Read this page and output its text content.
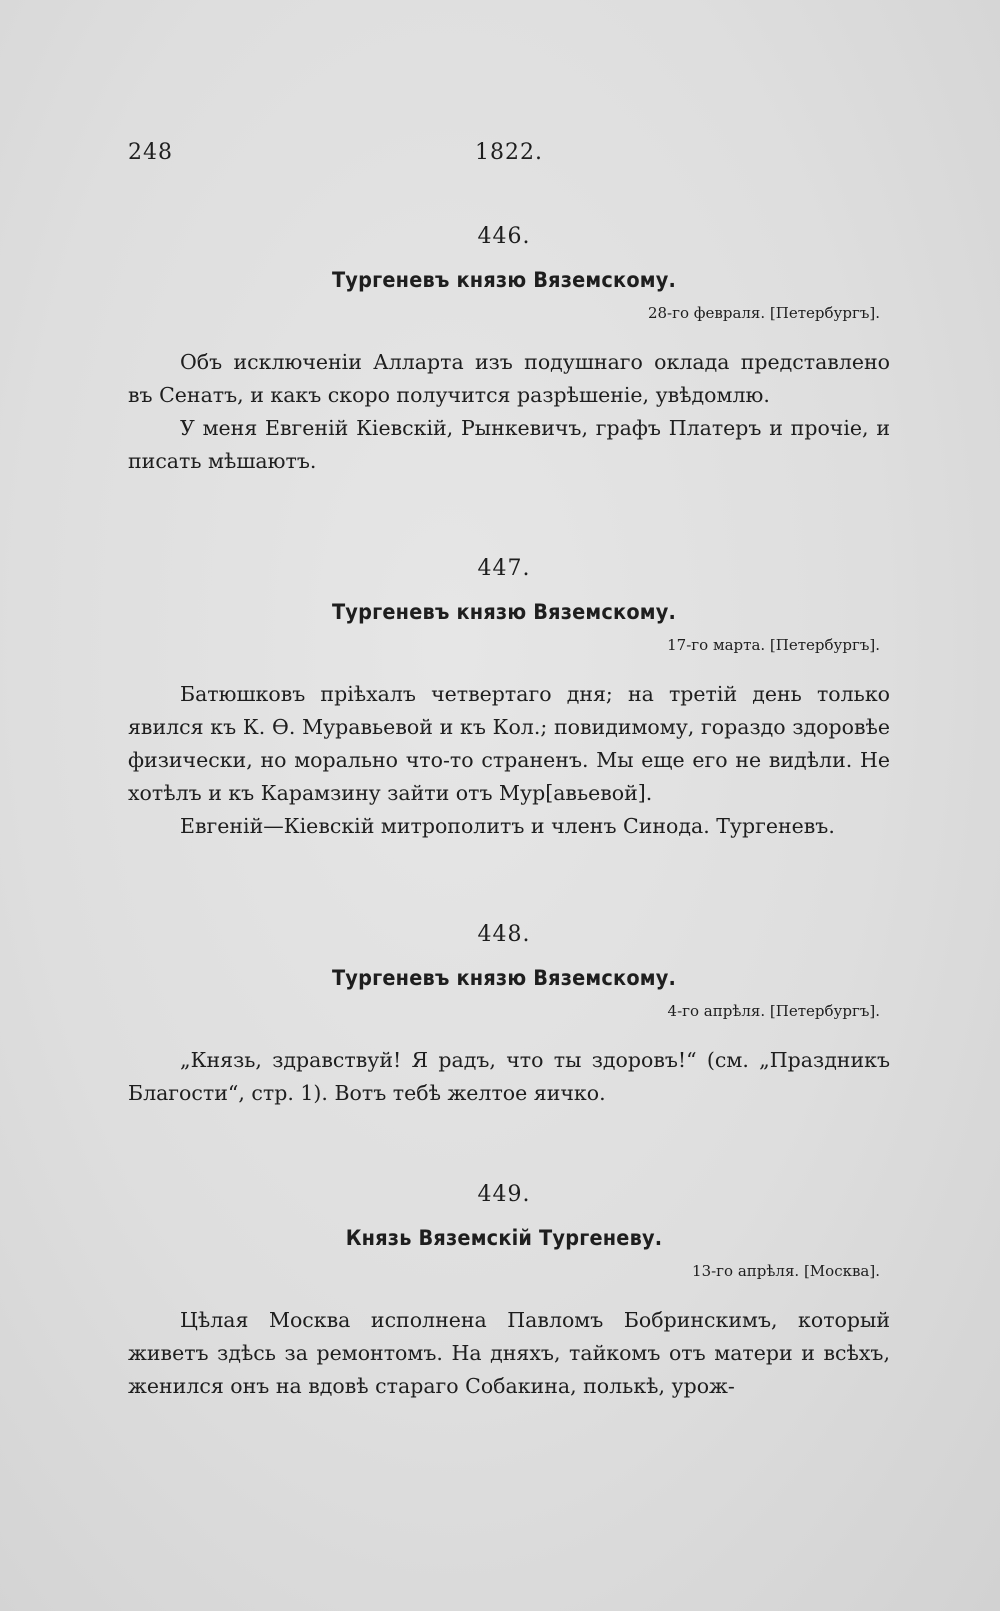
248	1822.
446.
Тургеневъ князю Вяземскому.
28-го февраля. [Петербургъ].

Объ исключеніи Алларта изъ подушнаго оклада представлено въ Сенатъ, и какъ скоро получится разрѣшеніе, увѣдомлю.

У меня Евгеній Кіевскій, Рынкевичъ, графъ Платеръ и прочіе, и писать мѣшаютъ.

447.
Тургеневъ князю Вяземскому.
17-го марта. [Петербургъ].

Батюшковъ пріѣхалъ четвертаго дня; на третій день только явился къ К. Ѳ. Муравьевой и къ Кол.; повидимому, гораздо здоровѣе физически, но морально что-то страненъ. Мы еще его не видѣли. Не хотѣлъ и къ Карамзину зайти отъ Мур[авьевой].

Евгеній—Кіевскій митрополитъ и членъ Синода. Тургеневъ.

448.
Тургеневъ князю Вяземскому.
4-го апрѣля. [Петербургъ].

„Князь, здравствуй! Я радъ, что ты здоровъ!“ (см. „Праздникъ Благости“, стр. 1). Вотъ тебѣ желтое яичко.

449.
Князь Вяземскій Тургеневу.
13-го апрѣля. [Москва].

Цѣлая Москва исполнена Павломъ Бобринскимъ, который живетъ здѣсь за ремонтомъ. На дняхъ, тайкомъ отъ матери и всѣхъ, женился онъ на вдовѣ стараго Собакина, полькѣ, урож-
